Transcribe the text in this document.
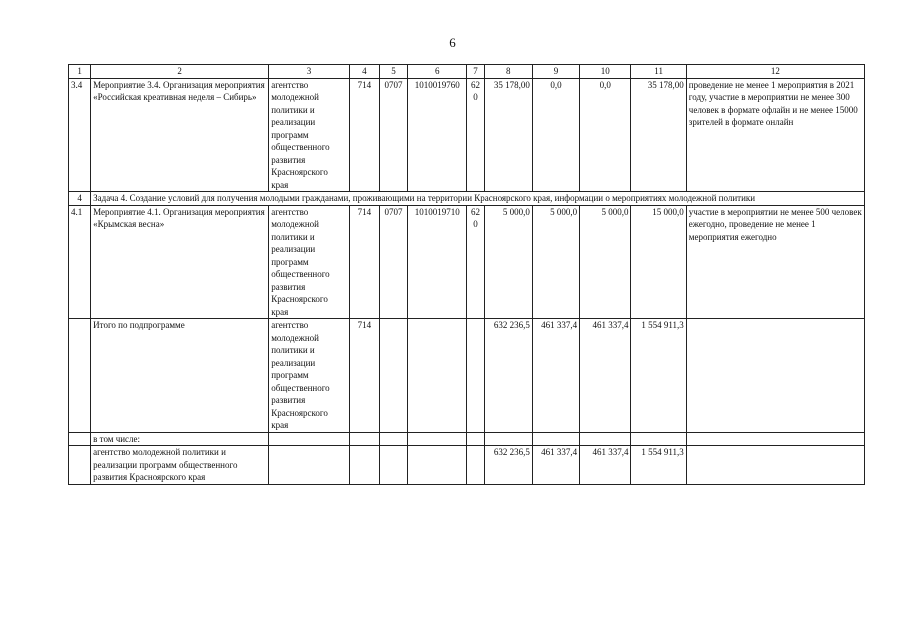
6
1	2	3	4	5	6	7	8	9	10	11	12
3.4	Мероприятие 3.4. Организация мероприятия «Российская креативная неделя – Сибирь»	агентство молодежной политики и реализации программ общественного развития Красноярского края	714	0707	1010019760	620	35 178,00	0,0	0,0	35 178,00	проведение не менее 1 мероприятия в 2021 году, участие в мероприятии не менее 300 человек в формате офлайн и не менее 15000 зрителей в формате онлайн
4	Задача 4. Создание условий для получения молодыми гражданами, проживающими на территории Красноярского края, информации о мероприятиях молодежной политики										
4.1	Мероприятие 4.1. Организация мероприятия «Крымская весна»	агентство молодежной политики и реализации программ общественного развития Красноярского края	714	0707	1010019710	620	5 000,0	5 000,0	5 000,0	15 000,0	участие в мероприятии не менее 500 человек ежегодно, проведение не менее 1 мероприятия ежегодно
	Итого по подпрограмме	агентство молодежной политики и реализации программ общественного развития Красноярского края	714				632 236,5	461 337,4	461 337,4	1 554 911,3	
	в том числе:										
	агентство молодежной политики и реализации программ общественного развития Красноярского края						632 236,5	461 337,4	461 337,4	1 554 911,3	
